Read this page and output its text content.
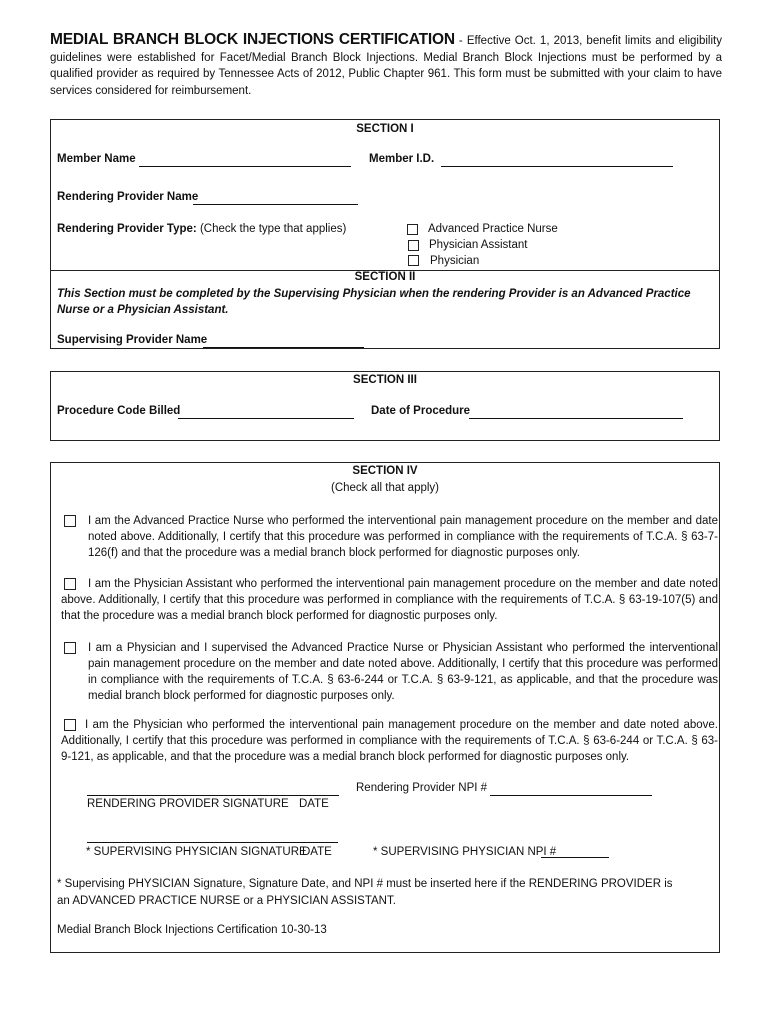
MEDIAL BRANCH BLOCK INJECTIONS CERTIFICATION - Effective Oct. 1, 2013, benefit limits and eligibility guidelines were established for Facet/Medial Branch Block Injections. Medial Branch Block Injections must be performed by a qualified provider as required by Tennessee Acts of 2012, Public Chapter 961. This form must be submitted with your claim to have services considered for reimbursement.
SECTION I
Member Name	Member I.D.
Rendering Provider Name
Rendering Provider Type: (Check the type that applies)	Advanced Practice Nurse
Physician Assistant
Physician
SECTION II
This Section must be completed by the Supervising Physician when the rendering Provider is an Advanced Practice Nurse or a Physician Assistant.
Supervising Provider Name
SECTION III
Procedure Code Billed	Date of Procedure
SECTION IV
(Check all that apply)
I am the Advanced Practice Nurse who performed the interventional pain management procedure on the member and date noted above. Additionally, I certify that this procedure was performed in compliance with the requirements of T.C.A. § 63-7-126(f) and that the procedure was a medial branch block performed for diagnostic purposes only.
I am the Physician Assistant who performed the interventional pain management procedure on the member and date noted above. Additionally, I certify that this procedure was performed in compliance with the requirements of T.C.A. § 63-19-107(5) and that the procedure was a medial branch block performed for diagnostic purposes only.
I am a Physician and I supervised the Advanced Practice Nurse or Physician Assistant who performed the interventional pain management procedure on the member and date noted above. Additionally, I certify that this procedure was performed in compliance with the requirements of T.C.A. § 63-6-244 or T.C.A. § 63-9-121, as applicable, and that the procedure was medial branch block performed for diagnostic purposes only.
I am the Physician who performed the interventional pain management procedure on the member and date noted above. Additionally, I certify that this procedure was performed in compliance with the requirements of T.C.A. § 63-6-244 or T.C.A. § 63-9-121, as applicable, and that the procedure was a medial branch block performed for diagnostic purposes only.
Rendering Provider NPI #
RENDERING PROVIDER SIGNATURE DATE
* SUPERVISING PHYSICIAN SIGNATURE
DATE	* SUPERVISING PHYSICIAN NPI #
* Supervising PHYSICIAN Signature, Signature Date, and NPI # must be inserted here if the RENDERING PROVIDER is an ADVANCED PRACTICE NURSE or a PHYSICIAN ASSISTANT.
Medial Branch Block Injections Certification 10-30-13
